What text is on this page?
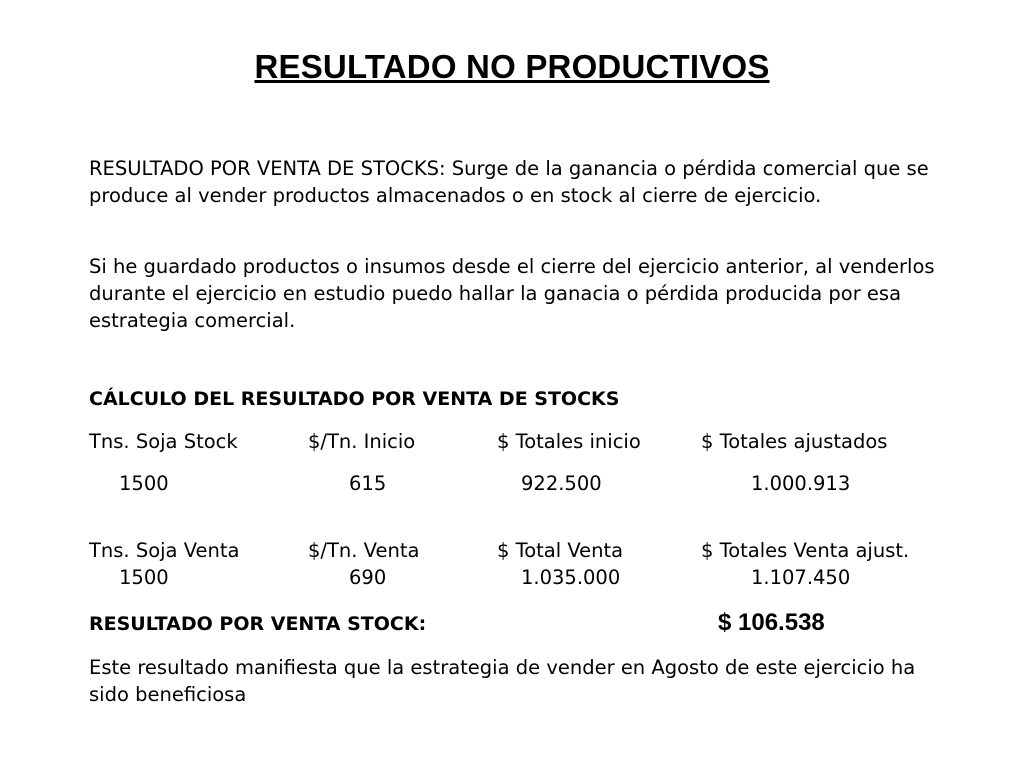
RESULTADO NO PRODUCTIVOS

RESULTADO POR VENTA DE STOCKS: Surge de la ganancia o pérdida comercial que se produce al vender productos almacenados o en stock al cierre de ejercicio.

Si he guardado productos o insumos desde el cierre del ejercicio anterior, al venderlos durante el ejercicio en estudio puedo hallar la ganacia o pérdida producida por esa estrategia comercial.

CÁLCULO DEL RESULTADO POR VENTA DE STOCKS
Tns. Soja Stock	$/Tn. Inicio	$ Totales inicio	$ Totales ajustados
1500	615	922.500	1.000.913
Tns. Soja Venta	$/Tn. Venta	$ Total Venta	$ Totales Venta ajust.
1500	690	1.035.000	1.107.450
RESULTADO POR VENTA STOCK:	$ 106.538

Este resultado manifiesta que la estrategia de vender en Agosto de este ejercicio ha sido beneficiosa
